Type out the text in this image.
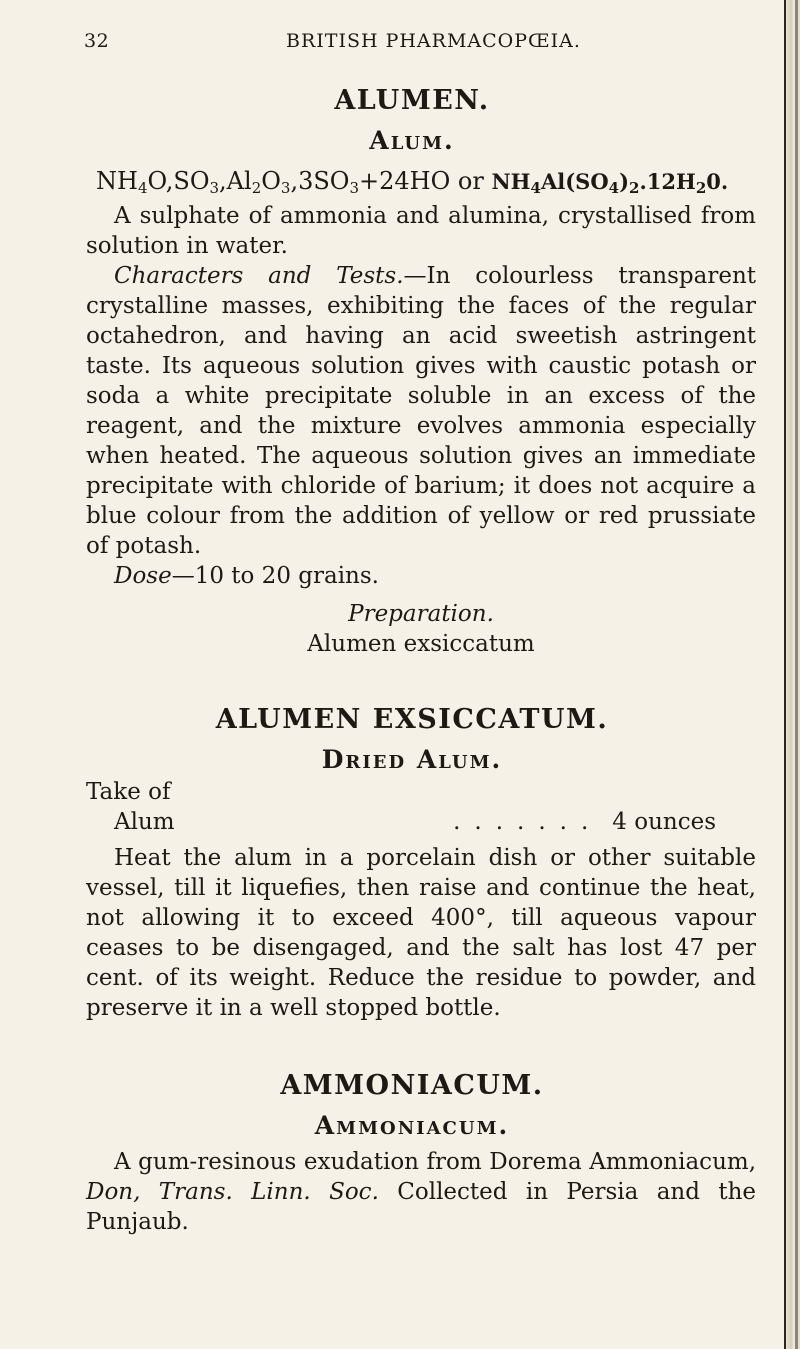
32	BRITISH PHARMACOPŒIA.
ALUMEN.
Alum.
$NH_4O,SO_3,Al_2O_3,3SO_3+24HO$ or $NH_4Al(SO_4)_2.12H_20$.

A sulphate of ammonia and alumina, crystallised from solution in water.

Characters and Tests.—In colourless transparent crystalline masses, exhibiting the faces of the regular octahedron, and having an acid sweetish astringent taste. Its aqueous solution gives with caustic potash or soda a white precipitate soluble in an excess of the reagent, and the mixture evolves ammonia especially when heated. The aqueous solution gives an immediate precipitate with chloride of barium; it does not acquire a blue colour from the addition of yellow or red prussiate of potash.

Dose—10 to 20 grains.

Preparation.

Alumen exsiccatum

ALUMEN EXSICCATUM.
Dried Alum.

Take of

Alum	....... 4 ounces

Heat the alum in a porcelain dish or other suitable vessel, till it liquefies, then raise and continue the heat, not allowing it to exceed 400°, till aqueous vapour ceases to be disengaged, and the salt has lost 47 per cent. of its weight. Reduce the residue to powder, and preserve it in a well stopped bottle.

AMMONIACUM.
Ammoniacum.

A gum-resinous exudation from Dorema Ammoniacum, Don, Trans. Linn. Soc. Collected in Persia and the Punjaub.
